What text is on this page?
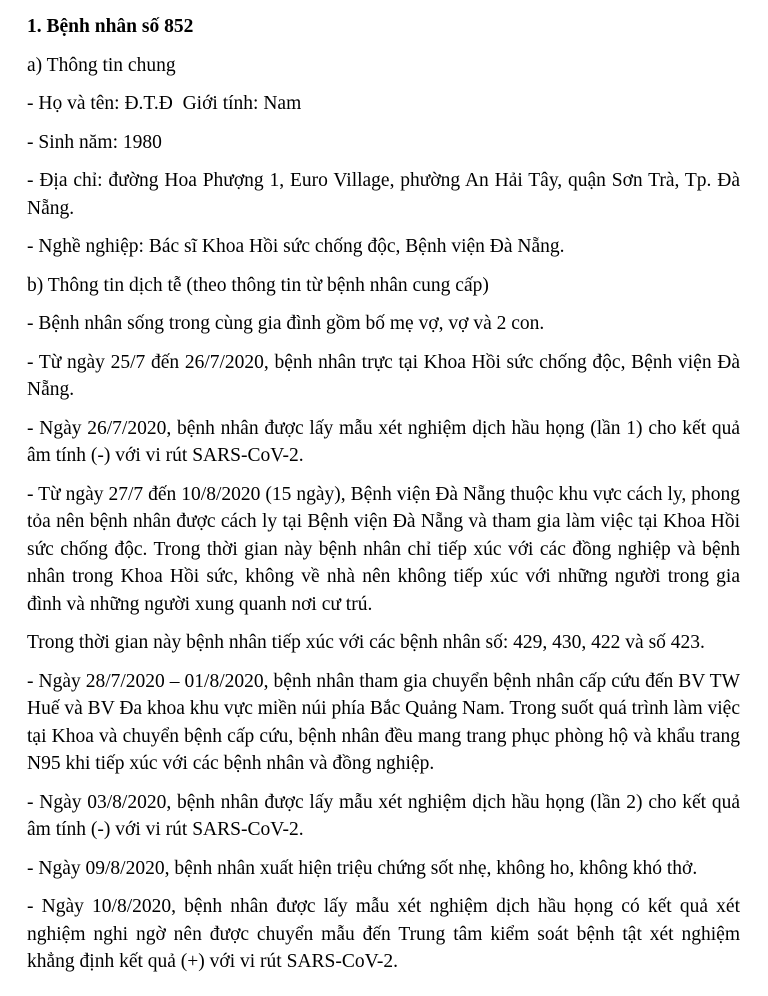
1. Bệnh nhân số 852

a) Thông tin chung

- Họ và tên: Đ.T.Đ  Giới tính: Nam

- Sinh năm: 1980

- Địa chỉ: đường Hoa Phượng 1, Euro Village, phường An Hải Tây, quận Sơn Trà, Tp. Đà Nẵng.

- Nghề nghiệp: Bác sĩ Khoa Hồi sức chống độc, Bệnh viện Đà Nẵng.

b) Thông tin dịch tễ (theo thông tin từ bệnh nhân cung cấp)

- Bệnh nhân sống trong cùng gia đình gồm bố mẹ vợ, vợ và 2 con.

- Từ ngày 25/7 đến 26/7/2020, bệnh nhân trực tại Khoa Hồi sức chống độc, Bệnh viện Đà Nẵng.

- Ngày 26/7/2020, bệnh nhân được lấy mẫu xét nghiệm dịch hầu họng (lần 1) cho kết quả âm tính (-) với vi rút SARS-CoV-2.

- Từ ngày 27/7 đến 10/8/2020 (15 ngày), Bệnh viện Đà Nẵng thuộc khu vực cách ly, phong tỏa nên bệnh nhân được cách ly tại Bệnh viện Đà Nẵng và tham gia làm việc tại Khoa Hồi sức chống độc. Trong thời gian này bệnh nhân chỉ tiếp xúc với các đồng nghiệp và bệnh nhân trong Khoa Hồi sức, không về nhà nên không tiếp xúc với những người trong gia đình và những người xung quanh nơi cư trú.

Trong thời gian này bệnh nhân tiếp xúc với các bệnh nhân số: 429, 430, 422 và số 423.

- Ngày 28/7/2020 – 01/8/2020, bệnh nhân tham gia chuyển bệnh nhân cấp cứu đến BV TW Huế và BV Đa khoa khu vực miền núi phía Bắc Quảng Nam. Trong suốt quá trình làm việc tại Khoa và chuyển bệnh cấp cứu, bệnh nhân đều mang trang phục phòng hộ và khẩu trang N95 khi tiếp xúc với các bệnh nhân và đồng nghiệp.

- Ngày 03/8/2020, bệnh nhân được lấy mẫu xét nghiệm dịch hầu họng (lần 2) cho kết quả âm tính (-) với vi rút SARS-CoV-2.

- Ngày 09/8/2020, bệnh nhân xuất hiện triệu chứng sốt nhẹ, không ho, không khó thở.

- Ngày 10/8/2020, bệnh nhân được lấy mẫu xét nghiệm dịch hầu họng có kết quả xét nghiệm nghi ngờ nên được chuyển mẫu đến Trung tâm kiểm soát bệnh tật xét nghiệm khẳng định kết quả (+) với vi rút SARS-CoV-2.
